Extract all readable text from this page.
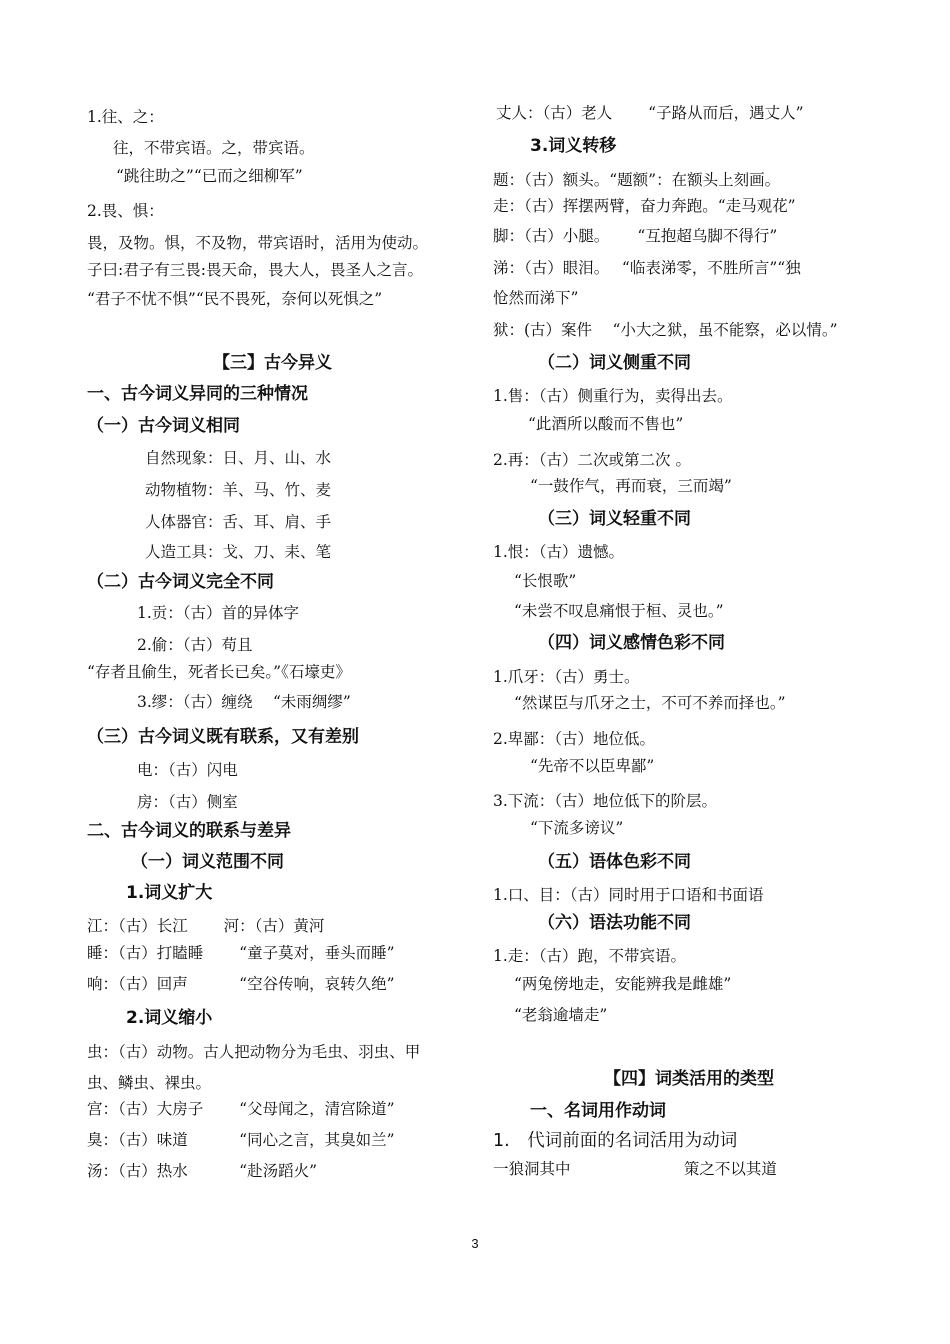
1.往、之：
往，不带宾语。之，带宾语。
“跳往助之”“已而之细柳军”
2.畏、惧：
畏，及物。惧，不及物，带宾语时，活用为使动。
子曰:君子有三畏:畏天命，畏大人，畏圣人之言。
“君子不忧不惧”“民不畏死，奈何以死惧之”
【三】古今异义
一、古今词义异同的三种情况
（一）古今词义相同
自然现象：日、月、山、水
动物植物：羊、马、竹、麦
人体器官：舌、耳、肩、手
人造工具：戈、刀、耒、笔
（二）古今词义完全不同
1.贡：（古）首的异体字
2.偷：（古）苟且
“存者且偷生，死者长已矣。”《石壕吏》
3.缪：（古）缠绕　 “未雨绸缪”
（三）古今词义既有联系，又有差别
电：（古）闪电
房：（古）侧室
二、古今词义的联系与差异
（一）词义范围不同
1.词义扩大
江：（古）长江　　 河：（古）黄河
睡：（古）打瞌睡　　 “童子莫对，垂头而睡”
响：（古）回声　　　 “空谷传响，哀转久绝”
2.词义缩小
虫：（古）动物。古人把动物分为毛虫、羽虫、甲
虫、鳞虫、裸虫。
宫：（古）大房子　　 “父母闻之，清宫除道”
臭：（古）味道　　　 “同心之言，其臭如兰”
汤：（古）热水　　　 “赴汤蹈火”
丈人：（古）老人　　 “子路从而后，遇丈人”
3.词义转移
题：（古）额头。“题额”：在额头上刻画。
走：（古）挥摆两臂，奋力奔跑。“走马观花”
脚：（古）小腿。　　 “互抱超乌脚不得行”
涕：（古）眼泪。　 “临表涕零，不胜所言”“独
怆然而涕下”
狱：(古）案件　 “小大之狱，虽不能察，必以情。”
（二）词义侧重不同
1.售：（古）侧重行为，卖得出去。
“此酒所以酸而不售也”
2.再：（古）二次或第二次 。
“一鼓作气，再而衰，三而竭”
（三）词义轻重不同
1.恨：（古）遗憾。
“长恨歌”
“未尝不叹息痛恨于桓、灵也。”
（四）词义感情色彩不同
1.爪牙：（古）勇士。
“然谋臣与爪牙之士，不可不养而择也。”
2.卑鄙：（古）地位低。
“先帝不以臣卑鄙”
3.下流：（古）地位低下的阶层。
“下流多谤议”
（五）语体色彩不同
1.口、目：（古）同时用于口语和书面语
（六）语法功能不同
1.走：（古）跑，不带宾语。
“两兔傍地走，安能辨我是雌雄”
“老翁逾墙走”
【四】词类活用的类型
一、名词用作动词
1.　代词前面的名词活用为动词
一狼洞其中　　　　　　　 策之不以其道
3
